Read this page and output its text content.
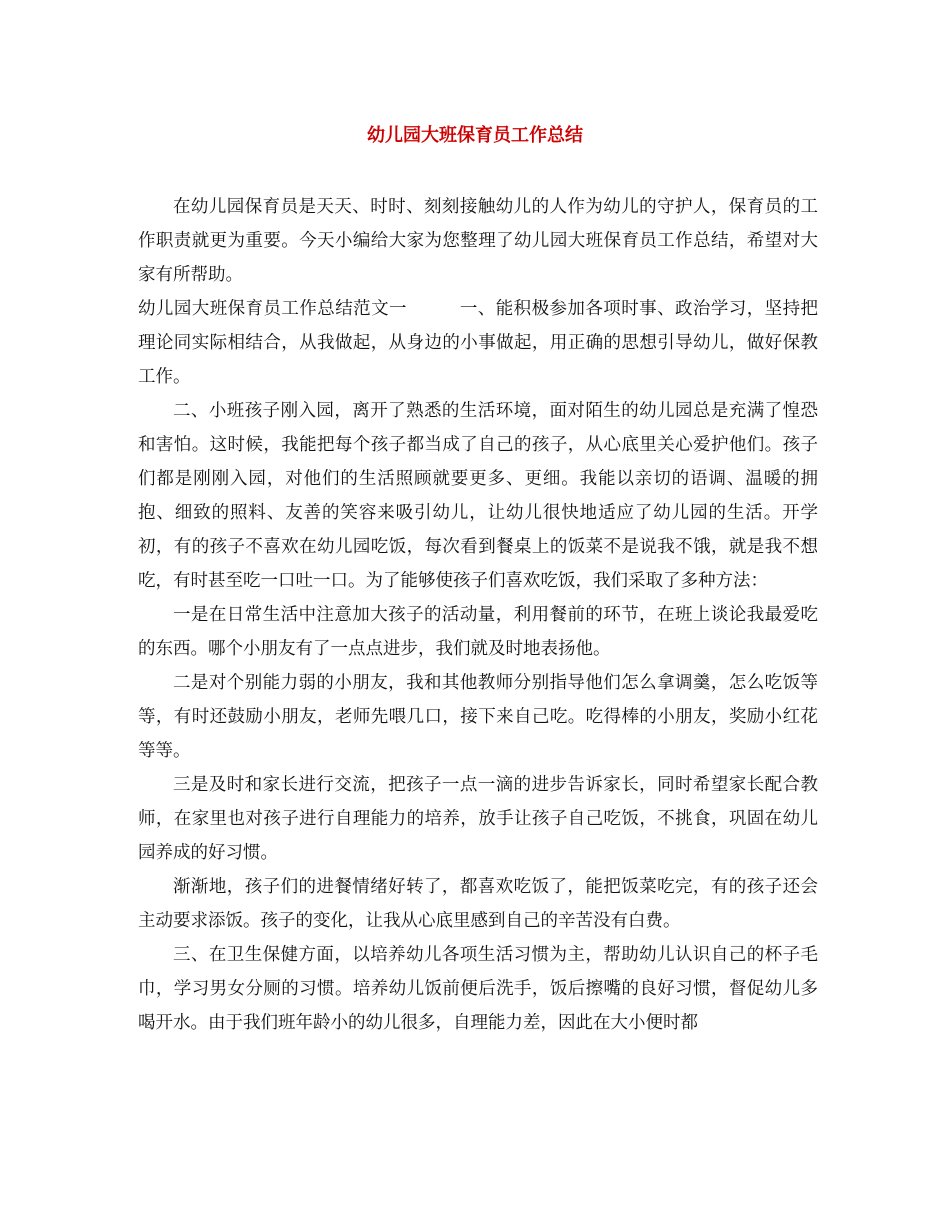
幼儿园大班保育员工作总结

在幼儿园保育员是天天、时时、刻刻接触幼儿的人作为幼儿的守护人，保育员的工作职责就更为重要。今天小编给大家为您整理了幼儿园大班保育员工作总结，希望对大家有所帮助。

幼儿园大班保育员工作总结范文一	一、能积极参加各项时事、政治学习，坚持把理论同实际相结合，从我做起，从身边的小事做起，用正确的思想引导幼儿，做好保教工作。

二、小班孩子刚入园，离开了熟悉的生活环境，面对陌生的幼儿园总是充满了惶恐和害怕。这时候，我能把每个孩子都当成了自己的孩子，从心底里关心爱护他们。孩子们都是刚刚入园，对他们的生活照顾就要更多、更细。我能以亲切的语调、温暖的拥抱、细致的照料、友善的笑容来吸引幼儿，让幼儿很快地适应了幼儿园的生活。开学初，有的孩子不喜欢在幼儿园吃饭，每次看到餐桌上的饭菜不是说我不饿，就是我不想吃，有时甚至吃一口吐一口。为了能够使孩子们喜欢吃饭，我们采取了多种方法：

一是在日常生活中注意加大孩子的活动量，利用餐前的环节，在班上谈论我最爱吃的东西。哪个小朋友有了一点点进步，我们就及时地表扬他。

二是对个别能力弱的小朋友，我和其他教师分别指导他们怎么拿调羹，怎么吃饭等等，有时还鼓励小朋友，老师先喂几口，接下来自己吃。吃得棒的小朋友，奖励小红花等等。

三是及时和家长进行交流，把孩子一点一滴的进步告诉家长，同时希望家长配合教师，在家里也对孩子进行自理能力的培养，放手让孩子自己吃饭，不挑食，巩固在幼儿园养成的好习惯。

渐渐地，孩子们的进餐情绪好转了，都喜欢吃饭了，能把饭菜吃完，有的孩子还会主动要求添饭。孩子的变化，让我从心底里感到自己的辛苦没有白费。

三、在卫生保健方面，以培养幼儿各项生活习惯为主，帮助幼儿认识自己的杯子毛巾，学习男女分厕的习惯。培养幼儿饭前便后洗手，饭后擦嘴的良好习惯，督促幼儿多喝开水。由于我们班年龄小的幼儿很多，自理能力差，因此在大小便时都
